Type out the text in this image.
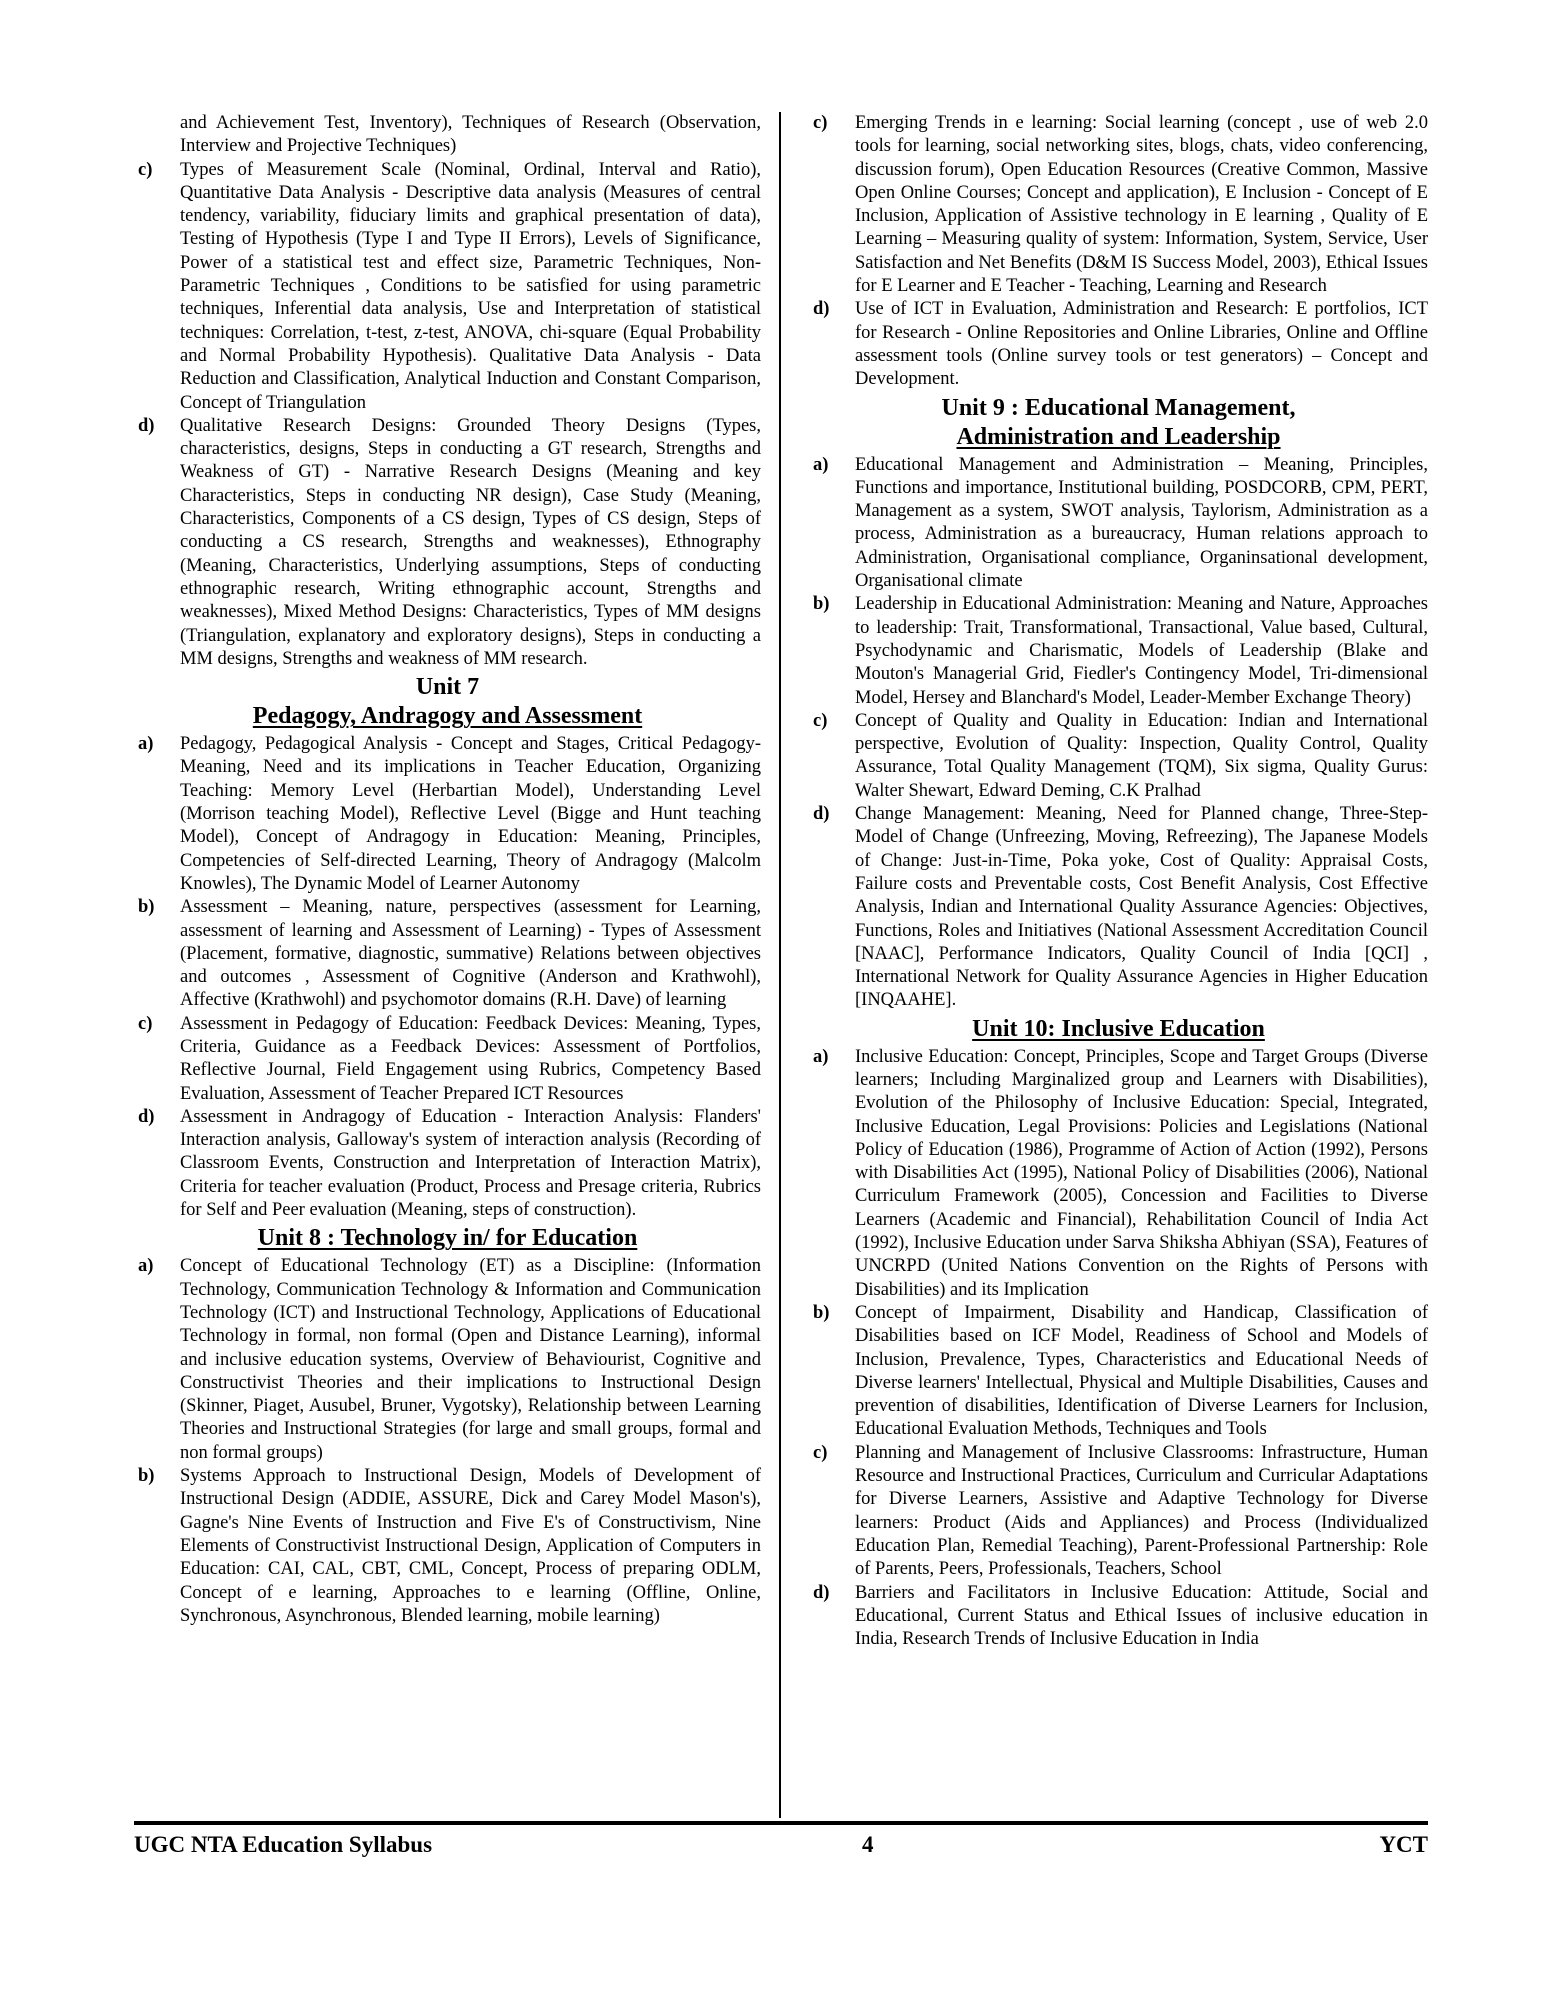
and Achievement Test, Inventory), Techniques of Research (Observation, Interview and Projective Techniques)
c)	Types of Measurement Scale (Nominal, Ordinal, Interval and Ratio), Quantitative Data Analysis - Descriptive data analysis (Measures of central tendency, variability, fiduciary limits and graphical presentation of data), Testing of Hypothesis (Type I and Type II Errors), Levels of Significance, Power of a statistical test and effect size, Parametric Techniques, Non- Parametric Techniques , Conditions to be satisfied for using parametric techniques, Inferential data analysis, Use and Interpretation of statistical techniques: Correlation, t-test, z-test, ANOVA, chi-square (Equal Probability and Normal Probability Hypothesis). Qualitative Data Analysis - Data Reduction and Classification, Analytical Induction and Constant Comparison, Concept of Triangulation
d)	Qualitative Research Designs: Grounded Theory Designs (Types, characteristics, designs, Steps in conducting a GT research, Strengths and Weakness of GT) - Narrative Research Designs (Meaning and key Characteristics, Steps in conducting NR design), Case Study (Meaning, Characteristics, Components of a CS design, Types of CS design, Steps of conducting a CS research, Strengths and weaknesses), Ethnography (Meaning, Characteristics, Underlying assumptions, Steps of conducting ethnographic research, Writing ethnographic account, Strengths and weaknesses), Mixed Method Designs: Characteristics, Types of MM designs (Triangulation, explanatory and exploratory designs), Steps in conducting a MM designs, Strengths and weakness of MM research.
Unit 7
Pedagogy, Andragogy and Assessment
a)	Pedagogy, Pedagogical Analysis - Concept and Stages, Critical Pedagogy- Meaning, Need and its implications in Teacher Education, Organizing Teaching: Memory Level (Herbartian Model), Understanding Level (Morrison teaching Model), Reflective Level (Bigge and Hunt teaching Model), Concept of Andragogy in Education: Meaning, Principles, Competencies of Self-directed Learning, Theory of Andragogy (Malcolm Knowles), The Dynamic Model of Learner Autonomy
b)	Assessment – Meaning, nature, perspectives (assessment for Learning, assessment of learning and Assessment of Learning) - Types of Assessment (Placement, formative, diagnostic, summative) Relations between objectives and outcomes , Assessment of Cognitive (Anderson and Krathwohl), Affective (Krathwohl) and psychomotor domains (R.H. Dave) of learning
c)	Assessment in Pedagogy of Education: Feedback Devices: Meaning, Types, Criteria, Guidance as a Feedback Devices: Assessment of Portfolios, Reflective Journal, Field Engagement using Rubrics, Competency Based Evaluation, Assessment of Teacher Prepared ICT Resources
d)	Assessment in Andragogy of Education - Interaction Analysis: Flanders' Interaction analysis, Galloway's system of interaction analysis (Recording of Classroom Events, Construction and Interpretation of Interaction Matrix), Criteria for teacher evaluation (Product, Process and Presage criteria, Rubrics for Self and Peer evaluation (Meaning, steps of construction).
Unit 8 : Technology in/ for Education
a)	Concept of Educational Technology (ET) as a Discipline: (Information Technology, Communication Technology & Information and Communication Technology (ICT) and Instructional Technology, Applications of Educational Technology in formal, non formal (Open and Distance Learning), informal and inclusive education systems, Overview of Behaviourist, Cognitive and Constructivist Theories and their implications to Instructional Design (Skinner, Piaget, Ausubel, Bruner, Vygotsky), Relationship between Learning Theories and Instructional Strategies (for large and small groups, formal and non formal groups)
b)	Systems Approach to Instructional Design, Models of Development of Instructional Design (ADDIE, ASSURE, Dick and Carey Model Mason's), Gagne's Nine Events of Instruction and Five E's of Constructivism, Nine Elements of Constructivist Instructional Design, Application of Computers in Education: CAI, CAL, CBT, CML, Concept, Process of preparing ODLM, Concept of e learning, Approaches to e learning (Offline, Online, Synchronous, Asynchronous, Blended learning, mobile learning)
c)	Emerging Trends in e learning: Social learning (concept , use of web 2.0 tools for learning, social networking sites, blogs, chats, video conferencing, discussion forum), Open Education Resources (Creative Common, Massive Open Online Courses; Concept and application), E Inclusion - Concept of E Inclusion, Application of Assistive technology in E learning , Quality of E Learning – Measuring quality of system: Information, System, Service, User Satisfaction and Net Benefits (D&M IS Success Model, 2003), Ethical Issues for E Learner and E Teacher - Teaching, Learning and Research
d)	Use of ICT in Evaluation, Administration and Research: E portfolios, ICT for Research - Online Repositories and Online Libraries, Online and Offline assessment tools (Online survey tools or test generators) – Concept and Development.
Unit 9 : Educational Management,
Administration and Leadership
a)	Educational Management and Administration – Meaning, Principles, Functions and importance, Institutional building, POSDCORB, CPM, PERT, Management as a system, SWOT analysis, Taylorism, Administration as a process, Administration as a bureaucracy, Human relations approach to Administration, Organisational compliance, Organinsational development, Organisational climate
b)	Leadership in Educational Administration: Meaning and Nature, Approaches to leadership: Trait, Transformational, Transactional, Value based, Cultural, Psychodynamic and Charismatic, Models of Leadership (Blake and Mouton's Managerial Grid, Fiedler's Contingency Model, Tri-dimensional Model, Hersey and Blanchard's Model, Leader-Member Exchange Theory)
c)	Concept of Quality and Quality in Education: Indian and International perspective, Evolution of Quality: Inspection, Quality Control, Quality Assurance, Total Quality Management (TQM), Six sigma, Quality Gurus: Walter Shewart, Edward Deming, C.K Pralhad
d)	Change Management: Meaning, Need for Planned change, Three-Step-Model of Change (Unfreezing, Moving, Refreezing), The Japanese Models of Change: Just-in-Time, Poka yoke, Cost of Quality: Appraisal Costs, Failure costs and Preventable costs, Cost Benefit Analysis, Cost Effective Analysis, Indian and International Quality Assurance Agencies: Objectives, Functions, Roles and Initiatives (National Assessment Accreditation Council [NAAC], Performance Indicators, Quality Council of India [QCI] , International Network for Quality Assurance Agencies in Higher Education [INQAAHE].
Unit 10: Inclusive Education
a)	Inclusive Education: Concept, Principles, Scope and Target Groups (Diverse learners; Including Marginalized group and Learners with Disabilities), Evolution of the Philosophy of Inclusive Education: Special, Integrated, Inclusive Education, Legal Provisions: Policies and Legislations (National Policy of Education (1986), Programme of Action of Action (1992), Persons with Disabilities Act (1995), National Policy of Disabilities (2006), National Curriculum Framework (2005), Concession and Facilities to Diverse Learners (Academic and Financial), Rehabilitation Council of India Act (1992), Inclusive Education under Sarva Shiksha Abhiyan (SSA), Features of UNCRPD (United Nations Convention on the Rights of Persons with Disabilities) and its Implication
b)	Concept of Impairment, Disability and Handicap, Classification of Disabilities based on ICF Model, Readiness of School and Models of Inclusion, Prevalence, Types, Characteristics and Educational Needs of Diverse learners' Intellectual, Physical and Multiple Disabilities, Causes and prevention of disabilities, Identification of Diverse Learners for Inclusion, Educational Evaluation Methods, Techniques and Tools
c)	Planning and Management of Inclusive Classrooms: Infrastructure, Human Resource and Instructional Practices, Curriculum and Curricular Adaptations for Diverse Learners, Assistive and Adaptive Technology for Diverse learners: Product (Aids and Appliances) and Process (Individualized Education Plan, Remedial Teaching), Parent-Professional Partnership: Role of Parents, Peers, Professionals, Teachers, School
d)	Barriers and Facilitators in Inclusive Education: Attitude, Social and Educational, Current Status and Ethical Issues of inclusive education in India, Research Trends of Inclusive Education in India
UGC NTA Education Syllabus	4	YCT
